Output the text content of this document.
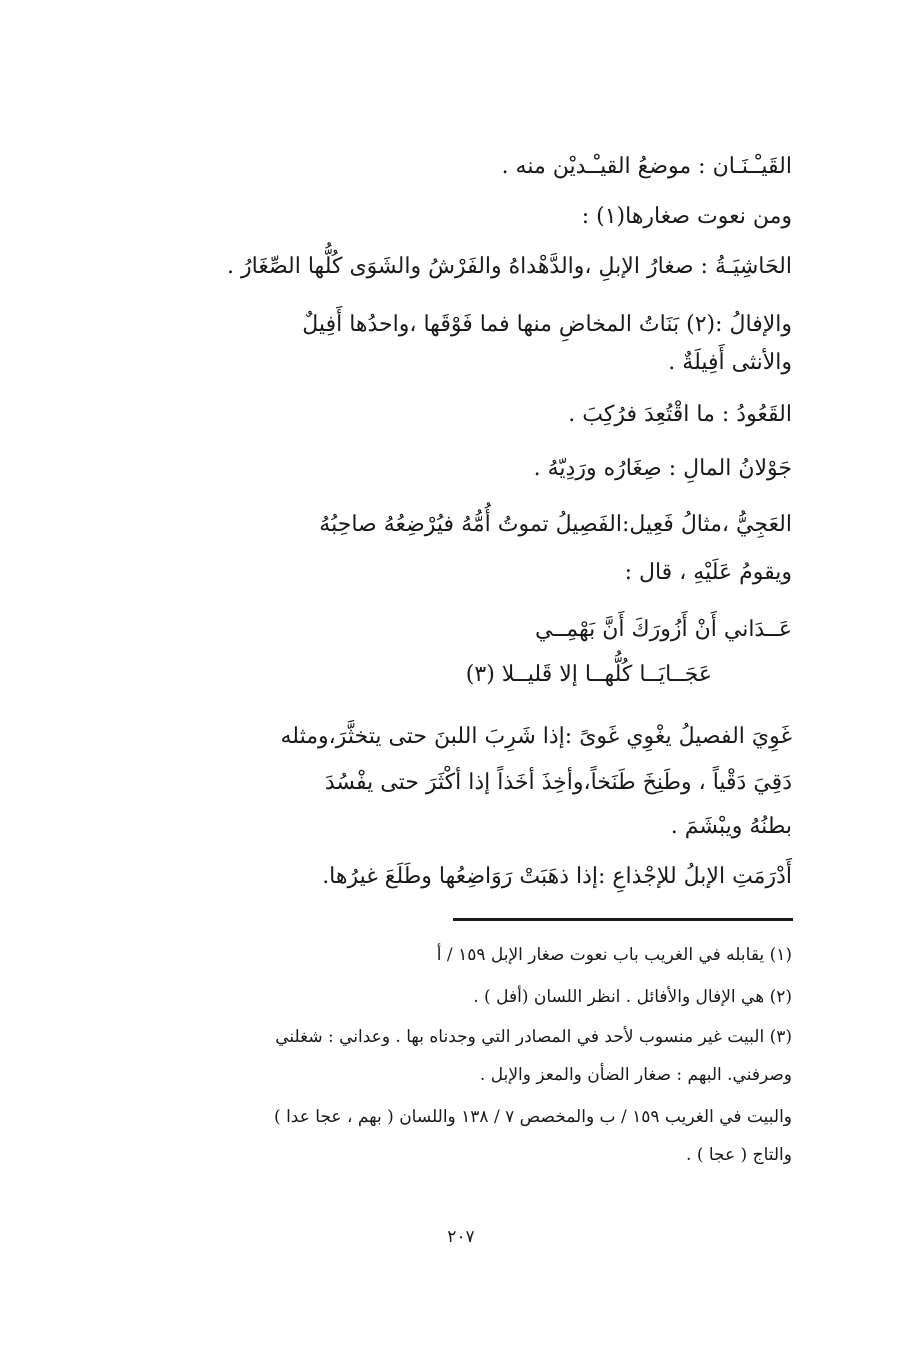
القَيـْـنَـان : موضعُ القيـْـديْن منه .
ومن نعوت صغارها(١) :
الحَاشِيَـةُ : صغارُ الإبلِ ،والدَّهْداهُ والفَرْشُ والشَوَى كُلُّها الصِّغَارُ .
والإفالُ :(٢) بَنَاتُ المخاضِ منها فما فَوْقَها ،واحدُها أَفِيلٌ
والأنثى أَفِيلَةٌ .
القَعُودُ : ما اقْتُعِدَ فرُكِبَ .
جَوْلانُ المالِ : صِغَارُه ورَدِيّهُ .
العَجِيُّ ،مثالُ فَعِيل:الفَصِيلُ تموتُ أُمُّهُ فيُرْضِعُهُ صاحِبُهُ
ويقومُ عَلَيْهِ ، قال :
عَــدَاني أَنْ أَزُورَكَ أَنَّ بَهْمِــي
عَجَــايَــا كُلُّهــا إلا قَليــلا (٣)
غَوِيَ الفصيلُ يغْوِي غَوىً :إذا شَرِبَ اللبنَ حتى يتخثَّرَ،ومثله
دَقِيَ دَقْياً ، وطَنِخَ طَنَخاً،وأخِذَ أخَذاً إذا أكْثَرَ حتى يفْسُدَ
بطنُهُ ويبْشَمَ .
أَدْرَمَتِ الإبلُ للإجْذاعِ :إذا ذهَبَتْ رَوَاضِعُها وطَلَعَ غيرُها.
(١) يقابله في الغريب باب نعوت صغار الإبل ١٥٩ / أ
(٢) هي الإفال والأفائل . انظر اللسان (أفل ) .
(٣) البيت غير منسوب لأحد في المصادر التي وجدناه بها . وعداني : شغلني
وصرفني. البهم : صغار الضأن والمعز والإبل .
والبيت في الغريب ١٥٩ / ب والمخصص ٧ / ١٣٨ واللسان ( بهم ، عجا عدا )
والتاج ( عجا ) .
٢٠٧
